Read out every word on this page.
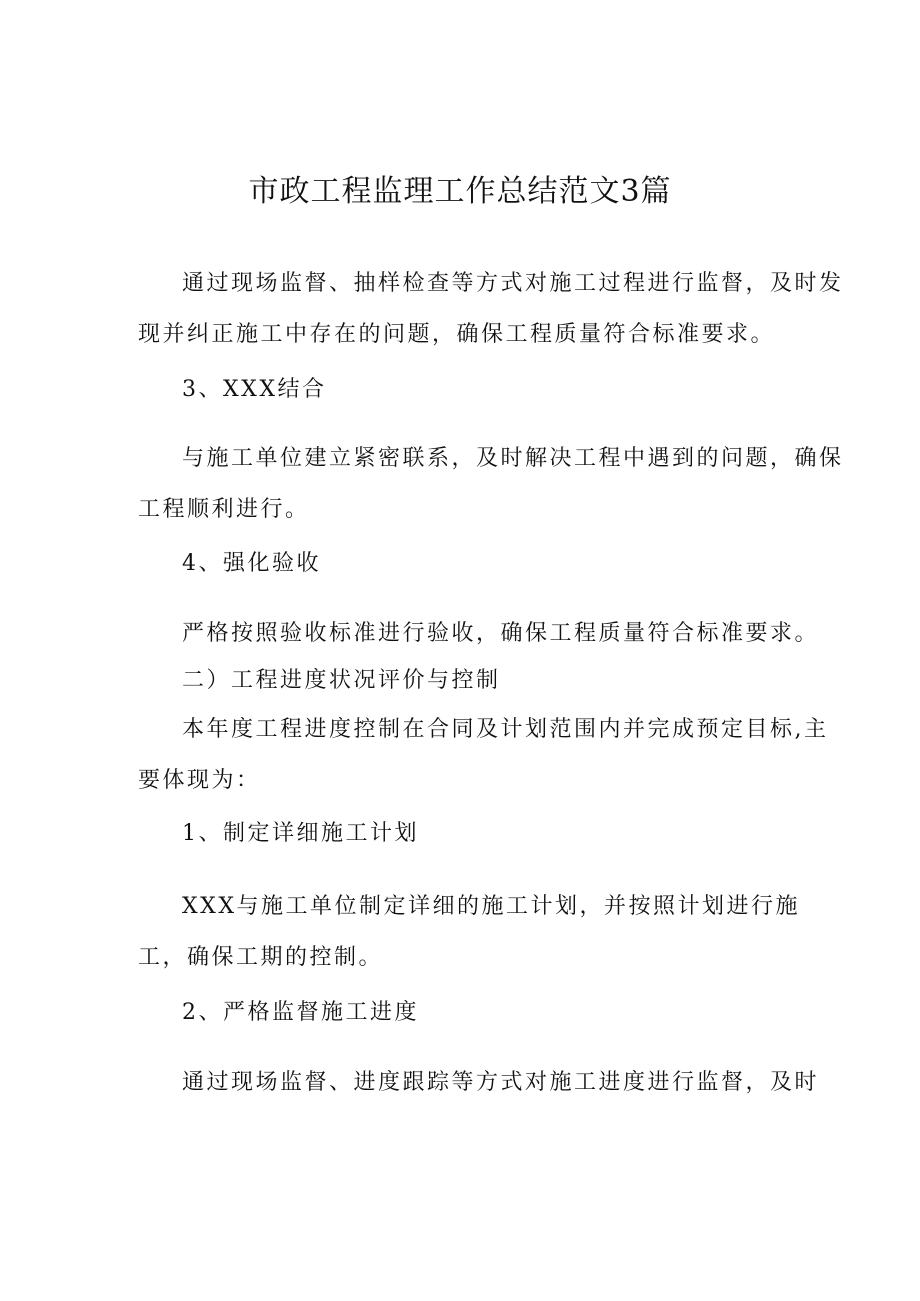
市政工程监理工作总结范文3篇
通过现场监督、抽样检查等方式对施工过程进行监督，及时发
现并纠正施工中存在的问题，确保工程质量符合标准要求。
3、XXX结合
与施工单位建立紧密联系，及时解决工程中遇到的问题，确保
工程顺利进行。
4、强化验收
严格按照验收标准进行验收，确保工程质量符合标准要求。
二）工程进度状况评价与控制
本年度工程进度控制在合同及计划范围内并完成预定目标,主
要体现为：
1、制定详细施工计划
XXX与施工单位制定详细的施工计划，并按照计划进行施
工，确保工期的控制。
2、严格监督施工进度
通过现场监督、进度跟踪等方式对施工进度进行监督，及时
